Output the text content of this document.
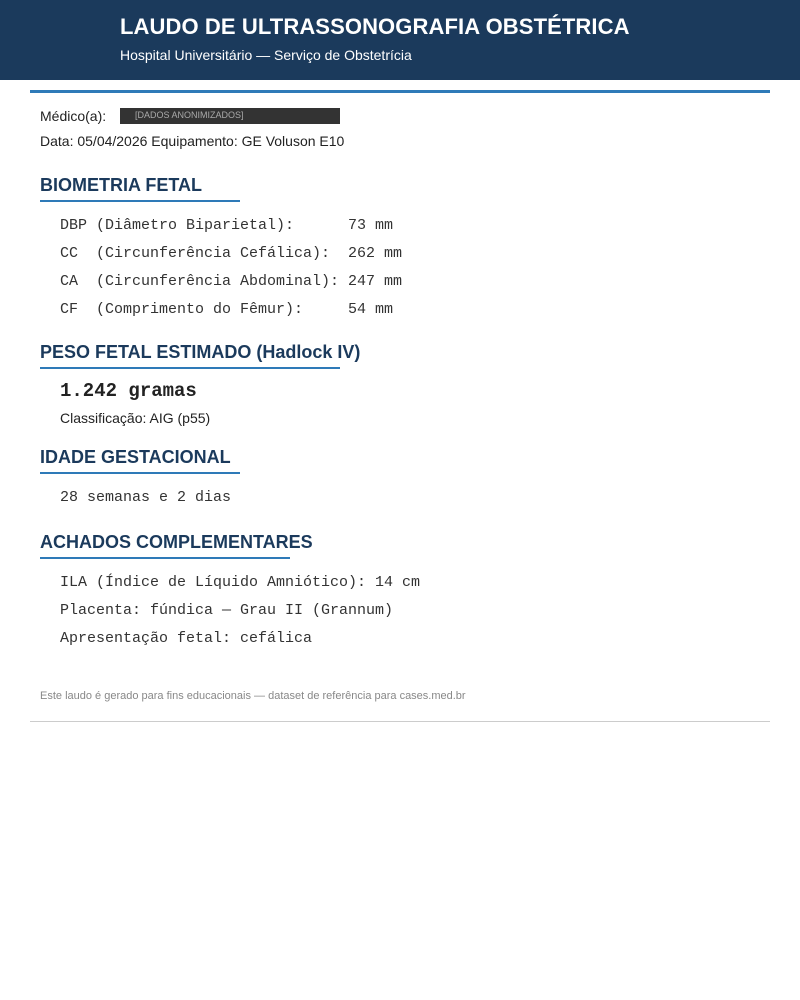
LAUDO DE ULTRASSONOGRAFIA OBSTÉTRICA
Hospital Universitário — Serviço de Obstetrícia
Médico(a):	[DADOS ANONIMIZADOS]
Data: 05/04/2026 Equipamento: GE Voluson E10
BIOMETRIA FETAL
DBP (Diâmetro Biparietal):      73 mm
CC  (Circunferência Cefálica):  262 mm
CA  (Circunferência Abdominal): 247 mm
CF  (Comprimento do Fêmur):     54 mm
PESO FETAL ESTIMADO (Hadlock IV)
1.242 gramas
Classificação: AIG (p55)
IDADE GESTACIONAL
28 semanas e 2 dias
ACHADOS COMPLEMENTARES
ILA (Índice de Líquido Amniótico): 14 cm
Placenta: fúndica — Grau II (Grannum)
Apresentação fetal: cefálica
Este laudo é gerado para fins educacionais — dataset de referência para cases.med.br
